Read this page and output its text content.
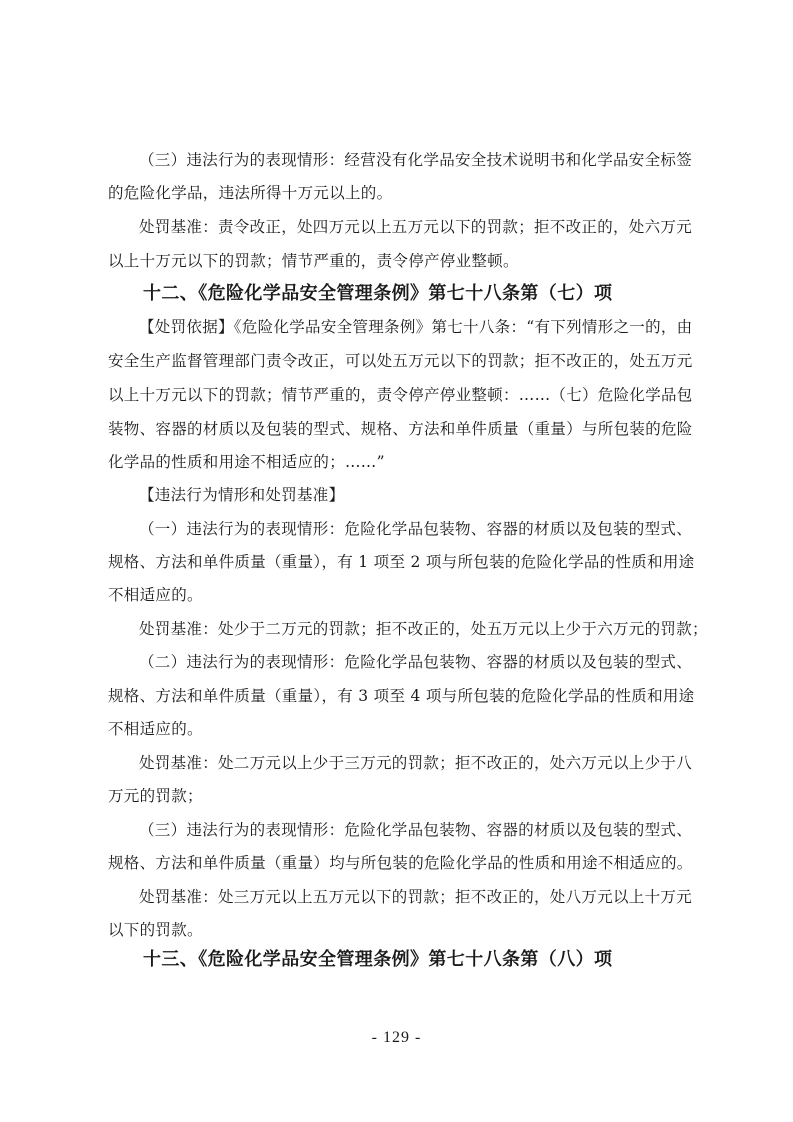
（三）违法行为的表现情形：经营没有化学品安全技术说明书和化学品安全标签
的危险化学品，违法所得十万元以上的。
处罚基准：责令改正，处四万元以上五万元以下的罚款；拒不改正的，处六万元
以上十万元以下的罚款；情节严重的，责令停产停业整顿。
十二、《危险化学品安全管理条例》第七十八条第（七）项
【处罚依据】《危险化学品安全管理条例》第七十八条：“有下列情形之一的，由
安全生产监督管理部门责令改正，可以处五万元以下的罚款；拒不改正的，处五万元
以上十万元以下的罚款；情节严重的，责令停产停业整顿：……（七）危险化学品包
装物、容器的材质以及包装的型式、规格、方法和单件质量（重量）与所包装的危险
化学品的性质和用途不相适应的；……”
【违法行为情形和处罚基准】
（一）违法行为的表现情形：危险化学品包装物、容器的材质以及包装的型式、
规格、方法和单件质量（重量），有 1 项至 2 项与所包装的危险化学品的性质和用途
不相适应的。
处罚基准：处少于二万元的罚款；拒不改正的，处五万元以上少于六万元的罚款；
（二）违法行为的表现情形：危险化学品包装物、容器的材质以及包装的型式、
规格、方法和单件质量（重量），有 3 项至 4 项与所包装的危险化学品的性质和用途
不相适应的。
处罚基准：处二万元以上少于三万元的罚款；拒不改正的，处六万元以上少于八
万元的罚款；
（三）违法行为的表现情形：危险化学品包装物、容器的材质以及包装的型式、
规格、方法和单件质量（重量）均与所包装的危险化学品的性质和用途不相适应的。
处罚基准：处三万元以上五万元以下的罚款；拒不改正的，处八万元以上十万元
以下的罚款。
十三、《危险化学品安全管理条例》第七十八条第（八）项
- 129 -
